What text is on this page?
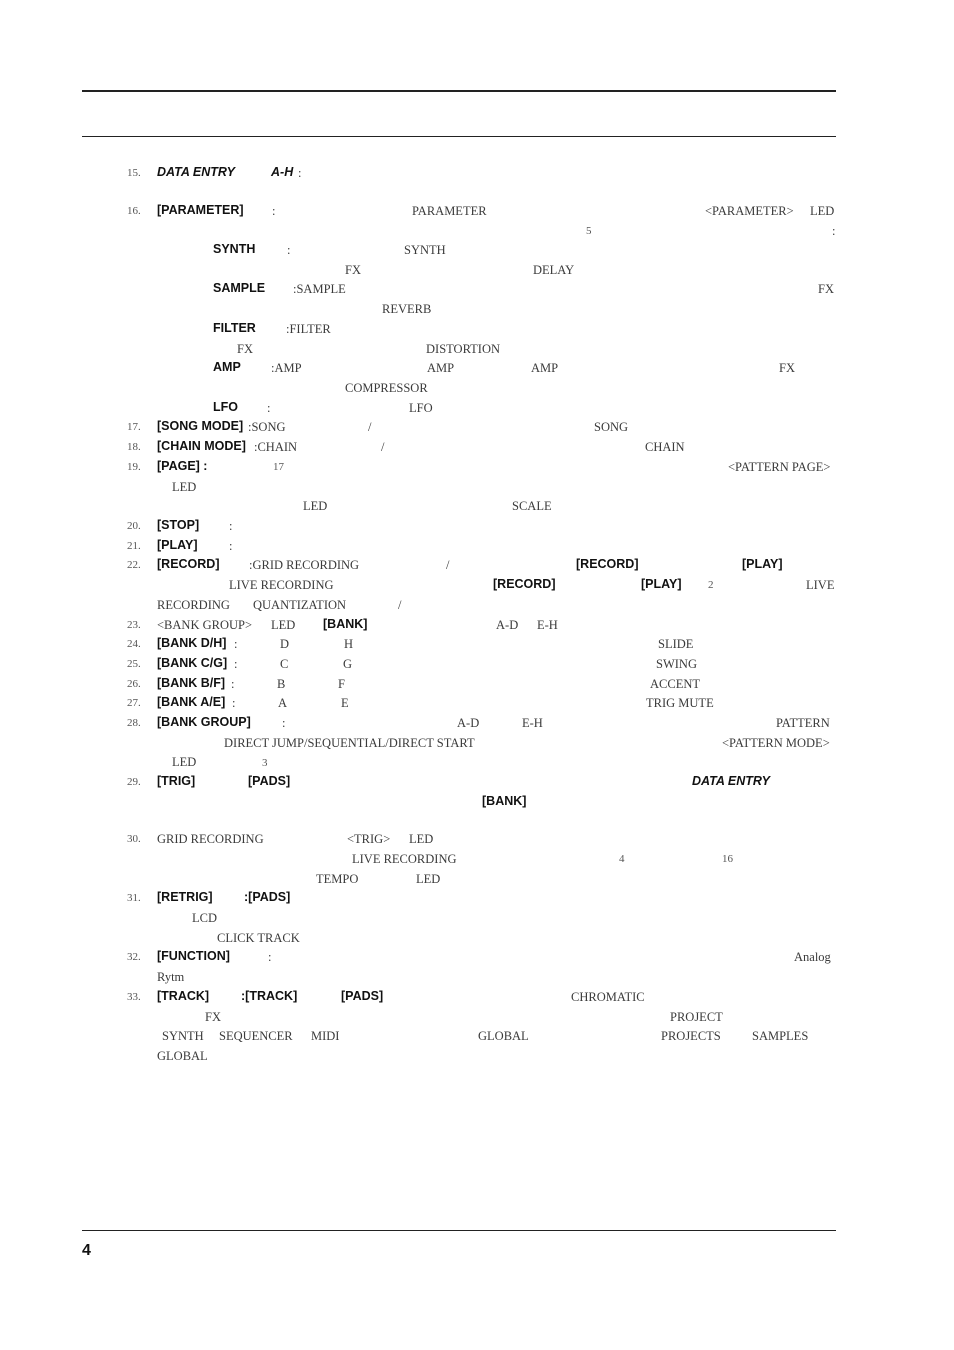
15. DATA ENTRY	A-H :
16. [PARAMETER] :	PARAMETER	<PARAMETER> LED
5	:
SYNTH	:	SYNTH
FX	DELAY
SAMPLE :SAMPLE	FX
REVERB
FILTER :FILTER
FX	DISTORTION
AMP :AMP	AMP	AMP	FX
COMPRESSOR
LFO :	LFO
17. [SONG MODE] :SONG	/	SONG
18. [CHAIN MODE] :CHAIN	/	CHAIN
19. [PAGE] :	17	<PATTERN PAGE>
LED
LED	SCALE
20. [STOP] :
21. [PLAY]	:
22. [RECORD] :GRID RECORDING	/	[RECORD]	[PLAY]
LIVE RECORDING	[RECORD]	[PLAY] 2	LIVE
RECORDING QUANTIZATION	/
23. <BANK GROUP> LED [BANK]	A-D E-H
24. [BANK D/H] :	D	H	SLIDE
25. [BANK C/G] :	C	G	SWING
26. [BANK B/F] :	B	F	ACCENT
27. [BANK A/E] :	A	E	TRIG MUTE
28. [BANK GROUP]	:	A-D	E-H	PATTERN
DIRECT JUMP/SEQUENTIAL/DIRECT START	<PATTERN MODE>
LED	3
29. [TRIG]	[PADS]	DATA ENTRY
[BANK]
30. GRID RECORDING	<TRIG> LED
LIVE RECORDING	4	16
TEMPO	LED
31. [RETRIG]	:[PADS]
LCD
CLICK TRACK
32. [FUNCTION]	:	Analog
Rytm
33. [TRACK]	:[TRACK]	[PADS]	CHROMATIC
FX	PROJECT
SYNTH SEQUENCER MIDI	GLOBAL	PROJECTS	SAMPLES
GLOBAL
4
